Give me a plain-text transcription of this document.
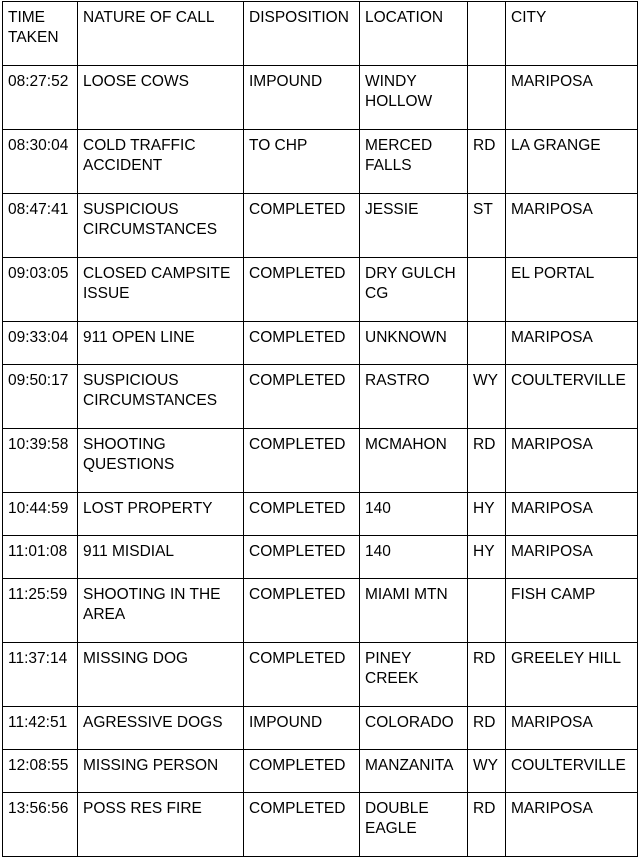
TIME TAKEN	NATURE OF CALL	DISPOSITION	LOCATION		CITY
08:27:52	LOOSE COWS	IMPOUND	WINDY HOLLOW		MARIPOSA
08:30:04	COLD TRAFFIC ACCIDENT	TO CHP	MERCED FALLS	RD	LA GRANGE
08:47:41	SUSPICIOUS CIRCUMSTANCES	COMPLETED	JESSIE	ST	MARIPOSA
09:03:05	CLOSED CAMPSITE ISSUE	COMPLETED	DRY GULCH CG		EL PORTAL
09:33:04	911 OPEN LINE	COMPLETED	UNKNOWN		MARIPOSA
09:50:17	SUSPICIOUS CIRCUMSTANCES	COMPLETED	RASTRO	WY	COULTERVILLE
10:39:58	SHOOTING QUESTIONS	COMPLETED	MCMAHON	RD	MARIPOSA
10:44:59	LOST PROPERTY	COMPLETED	140	HY	MARIPOSA
11:01:08	911 MISDIAL	COMPLETED	140	HY	MARIPOSA
11:25:59	SHOOTING IN THE AREA	COMPLETED	MIAMI MTN		FISH CAMP
11:37:14	MISSING DOG	COMPLETED	PINEY CREEK	RD	GREELEY HILL
11:42:51	AGRESSIVE DOGS	IMPOUND	COLORADO	RD	MARIPOSA
12:08:55	MISSING PERSON	COMPLETED	MANZANITA	WY	COULTERVILLE
13:56:56	POSS RES FIRE	COMPLETED	DOUBLE EAGLE	RD	MARIPOSA
